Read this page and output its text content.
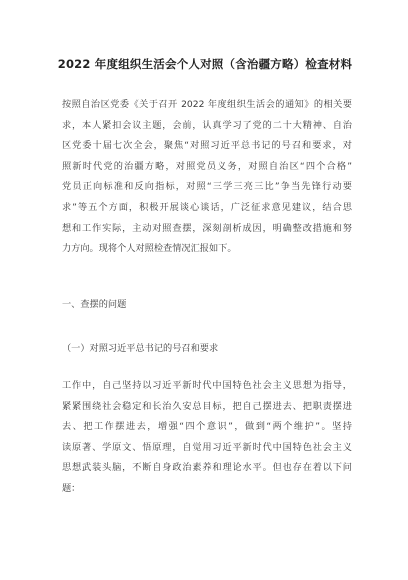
2022 年度组织生活会个人对照（含治疆方略）检查材料
按照自治区党委《关于召开 2022 年度组织生活会的通知》的相关要
求，本人紧扣会议主题，会前，认真学习了党的二十大精神、自治
区党委十届七次全会，聚焦“对照习近平总书记的号召和要求，对
照新时代党的治疆方略，对照党员义务，对照自治区“四个合格”
党员正向标准和反向指标，对照“三学三亮三比”争当先锋行动要
求”等五个方面，积极开展谈心谈话，广泛征求意见建议，结合思
想和工作实际，主动对照查摆，深刻剖析成因，明确整改措施和努
力方向。现将个人对照检查情况汇报如下。
一、查摆的问题
（一）对照习近平总书记的号召和要求
工作中，自己坚持以习近平新时代中国特色社会主义思想为指导，
紧紧围绕社会稳定和长治久安总目标，把自己摆进去、把职责摆进
去、把工作摆进去，增强“四个意识”，做到“两个维护”。坚持
读原著、学原文、悟原理，自觉用习近平新时代中国特色社会主义
思想武装头脑，不断自身政治素养和理论水平。但也存在着以下问
题：
